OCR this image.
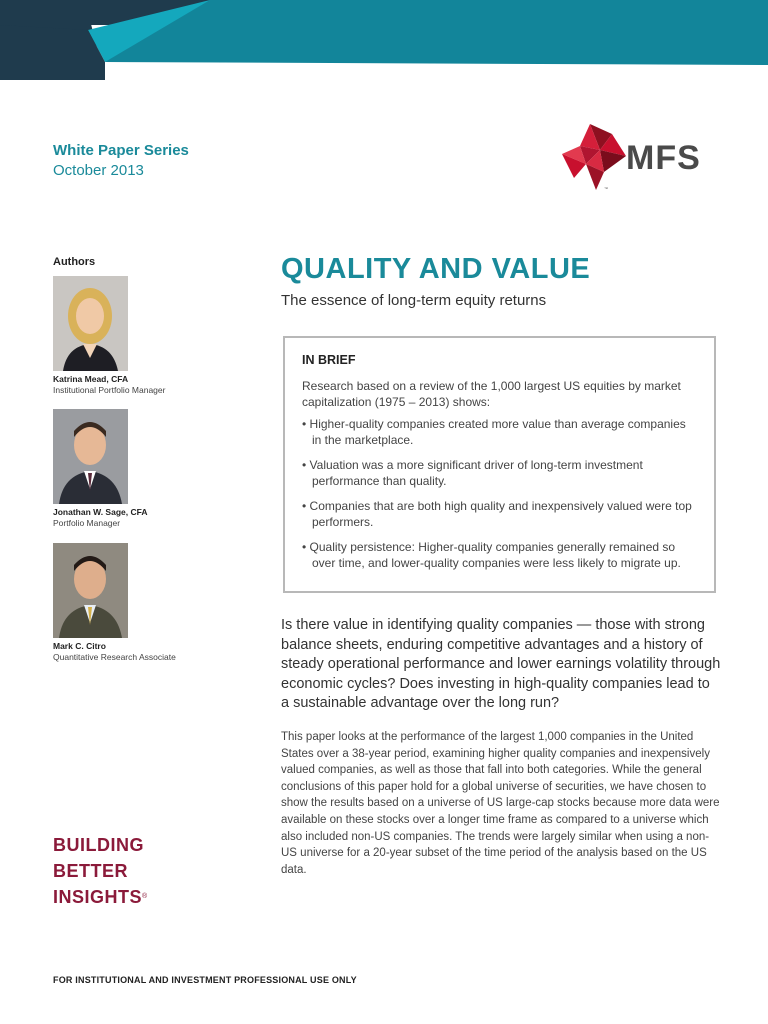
White Paper Series
October 2013	MFS
™
Authors
Katrina Mead, CFA
Institutional Portfolio Manager
Jonathan W. Sage, CFA
Portfolio Manager
Mark C. Citro
Quantitative Research Associate
BUILDING
BETTER
INSIGHTS®
FOR INSTITUTIONAL AND INVESTMENT PROFESSIONAL USE ONLY
QUALITY AND VALUE
The essence of long-term equity returns
IN BRIEF
Research based on a review of the 1,000 largest US equities by market capitalization (1975 – 2013) shows:
• Higher-quality companies created more value than average companies in the marketplace.
• Valuation was a more significant driver of long-term investment performance than quality.
• Companies that are both high quality and inexpensively valued were top performers.
• Quality persistence: Higher-quality companies generally remained so over time, and lower-quality companies were less likely to migrate up.
Is there value in identifying quality companies — those with strong balance sheets, enduring competitive advantages and a history of steady operational performance and lower earnings volatility through economic cycles? Does investing in high-quality companies lead to a sustainable advantage over the long run?
This paper looks at the performance of the largest 1,000 companies in the United States over a 38-year period, examining higher quality companies and inexpensively valued companies, as well as those that fall into both categories. While the general conclusions of this paper hold for a global universe of securities, we have chosen to show the results based on a universe of US large-cap stocks because more data were available on these stocks over a longer time frame as compared to a universe which also included non-US companies. The trends were largely similar when using a non-US universe for a 20-year subset of the time period of the analysis based on the US data.
